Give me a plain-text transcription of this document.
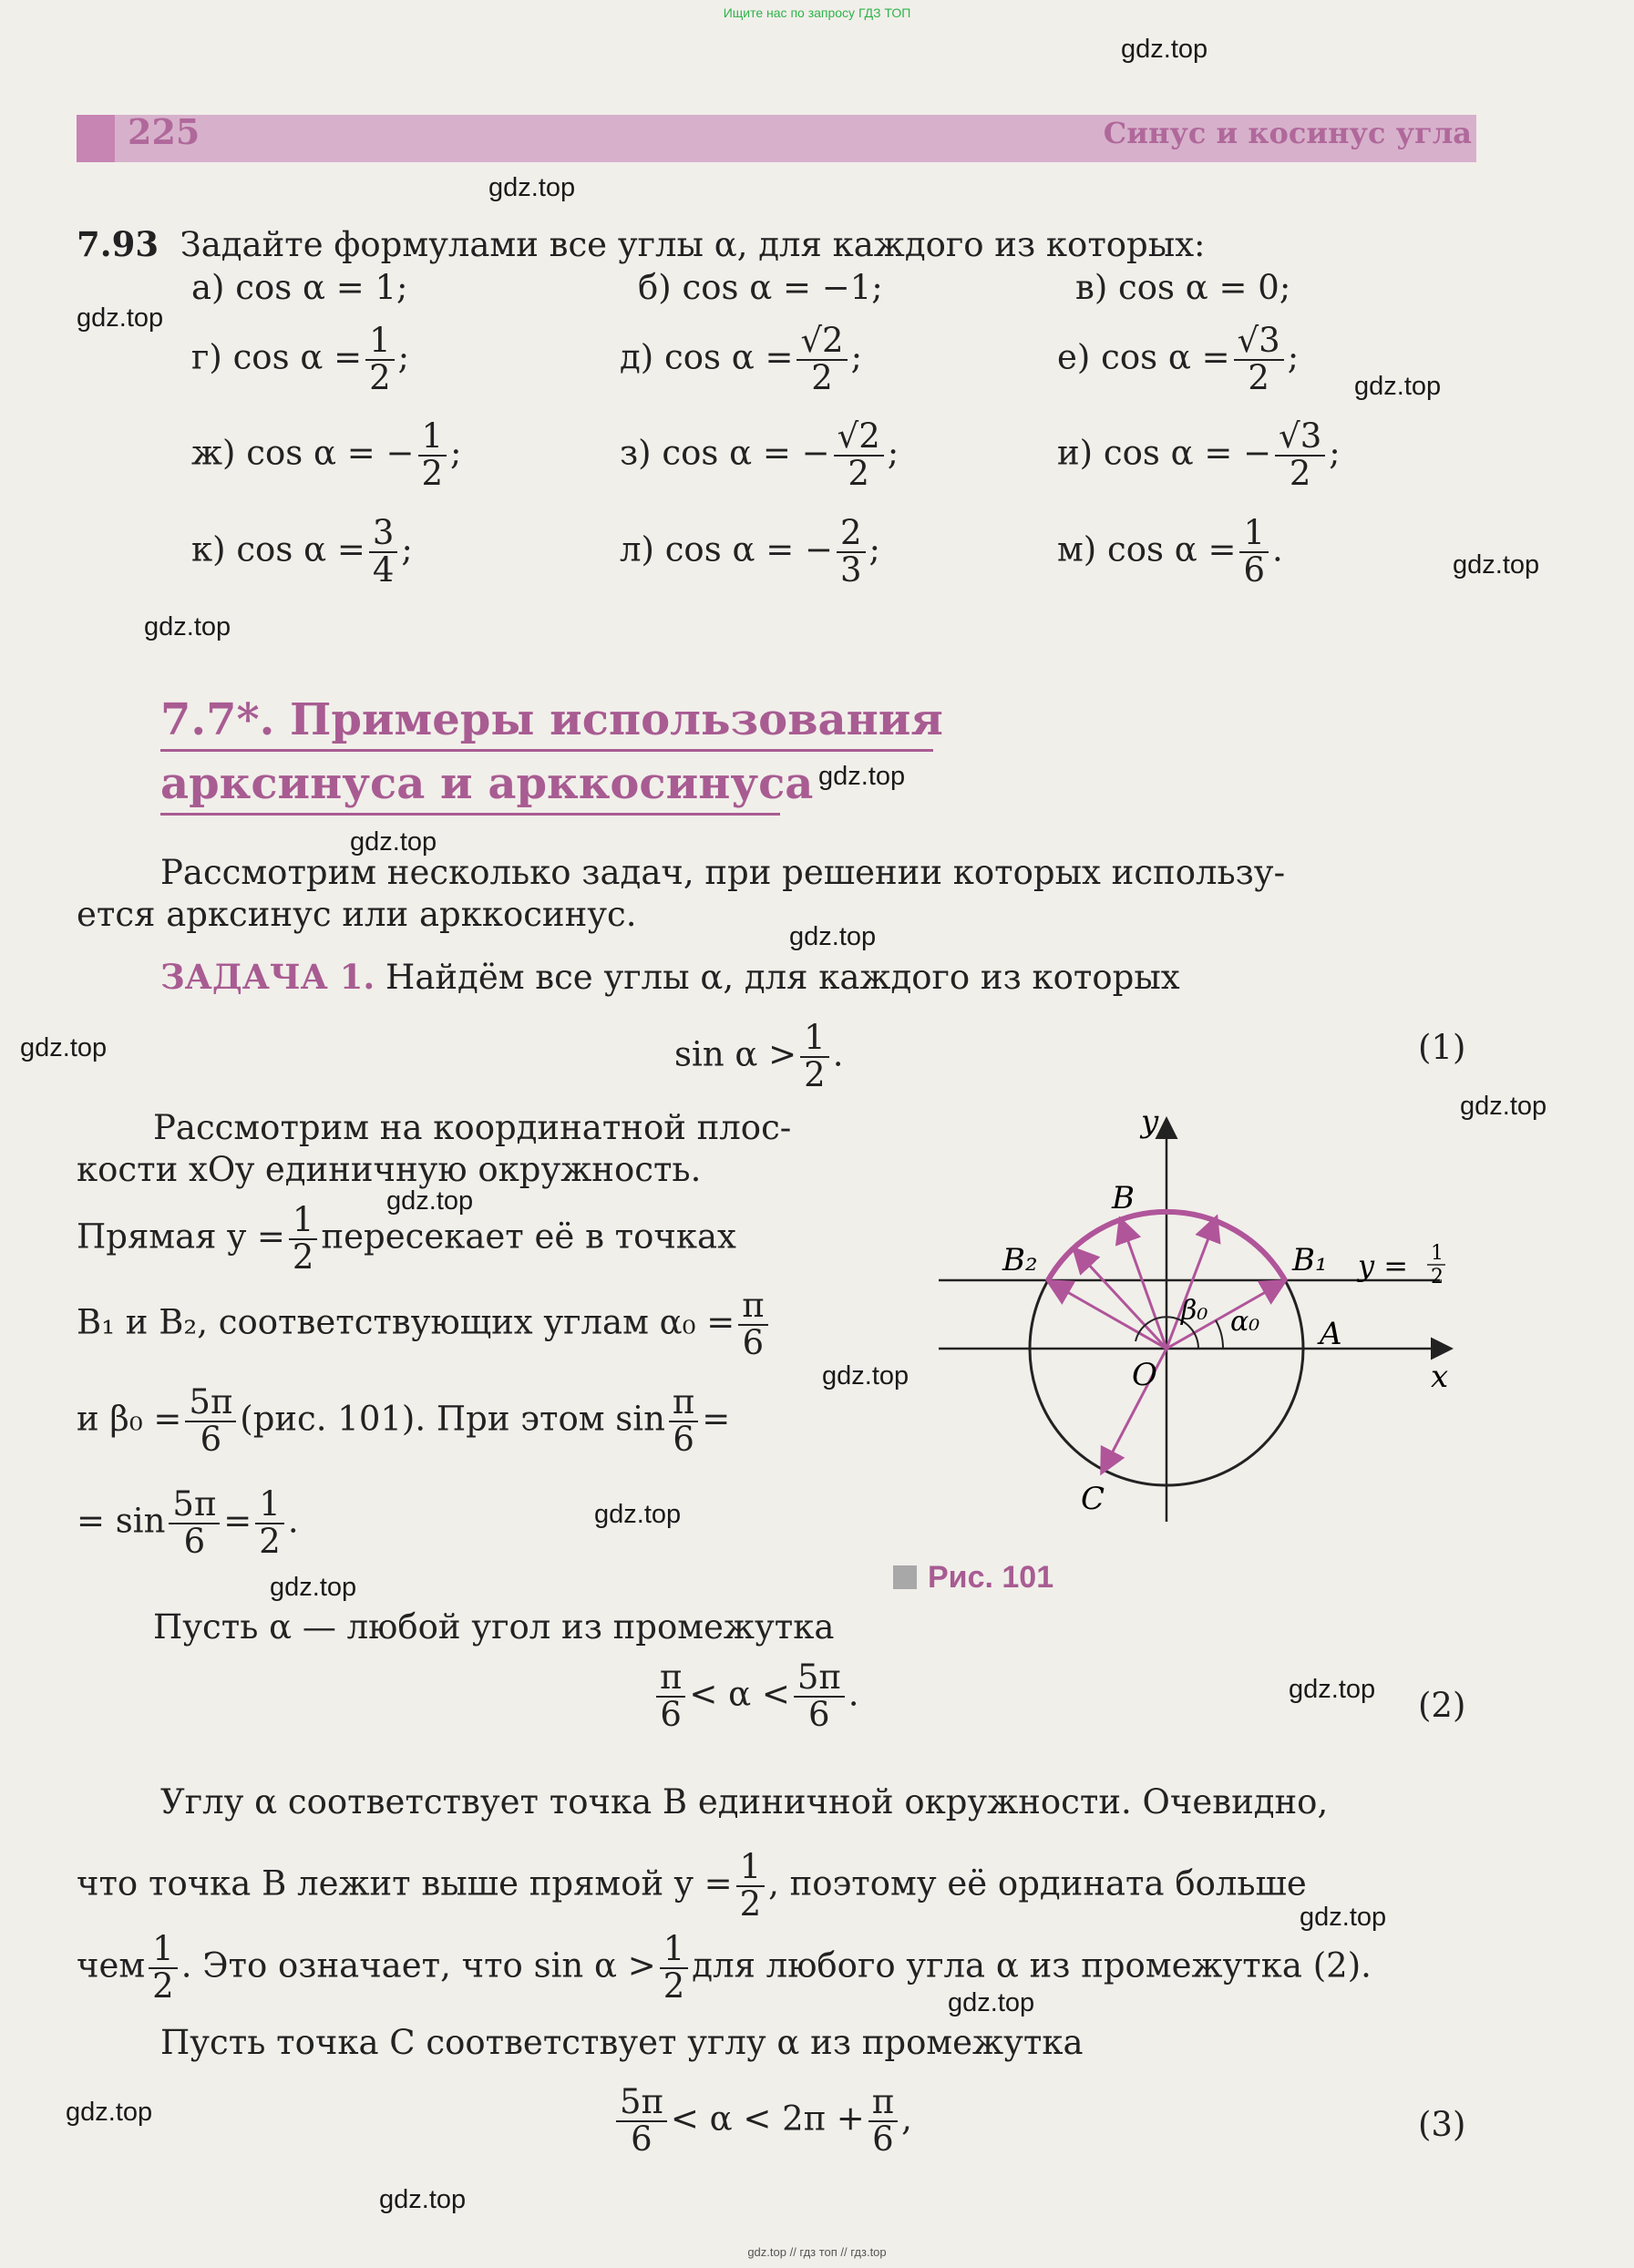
Ищите нас по запросу ГДЗ ТОП
gdz.top // гдз топ // гдз.top
225	Синус и косинус угла
7.93 Задайте формулами все углы α, для каждого из которых:
а) cos α = 1;	б) cos α = −1;	в) cos α = 0;
г) $\cos \alpha = \frac{1}{2}$ ;	д) $\cos \alpha = \frac{√2}{2}$ ;	е) $\cos \alpha = \frac{√3}{2}$ ;
ж) cos α = − $\frac{1}{2}$ ;	з) cos α = − $\frac{√2}{2}$ ;	и) cos α = − $\frac{√3}{2}$ ;
к) $\cos \alpha = \frac{3}{4}$ ;	л) cos α = − $\frac{2}{3}$ ;	м) $\cos \alpha = \frac{1}{6}$ .
7.7*. Примеры использования
арксинуса и арккосинуса
Рассмотрим несколько задач, при решении которых использу-
ется арксинус или арккосинус.
ЗАДАЧА 1. Найдём все углы α, для каждого из которых
$\sin \alpha > \frac{1}{2}$ .	(1)
Рассмотрим на координатной плос-
кости xOy единичную окружность.
Прямая $y = \frac{1}{2}$ пересекает её в точках
B₁ и B₂, соответствующих углам $\alpha_0 = \frac{\pi}{6}$
и $\beta_0 = \frac{5\pi}{6} (рис$. 101). При этом $\sin \frac{\pi}{6}$ =
= $\sin \frac{5\pi}{6} = \frac{1}{2}$ .
y
x
O
A
B
B₁
B₂
C
α₀
β₀
y = 1
2
Рис. 101
Пусть α — любой угол из промежутка
$\frac{\pi}{6} < \alpha < \frac{5\pi}{6}$ .	(2)
Углу α соответствует точка B единичной окружности. Очевидно,
что точка B лежит выше прямой $y = \frac{1}{2}$ , поэтому её ордината больше
чем $\frac{1}{2}$ . Это означает, что $\sin \alpha > \frac{1}{2}$ для любого угла α из промежутка (2).
Пусть точка C соответствует углу α из промежутка
$\frac{5\pi}{6} < \alpha < 2\pi + \frac{\pi}{6}$ ,	(3)
gdz.top
gdz.top
gdz.top
gdz.top
gdz.top
gdz.top
gdz.top
gdz.top
gdz.top
gdz.top
gdz.top
gdz.top
gdz.top
gdz.top
gdz.top
gdz.top
gdz.top
gdz.top
gdz.top
gdz.top
